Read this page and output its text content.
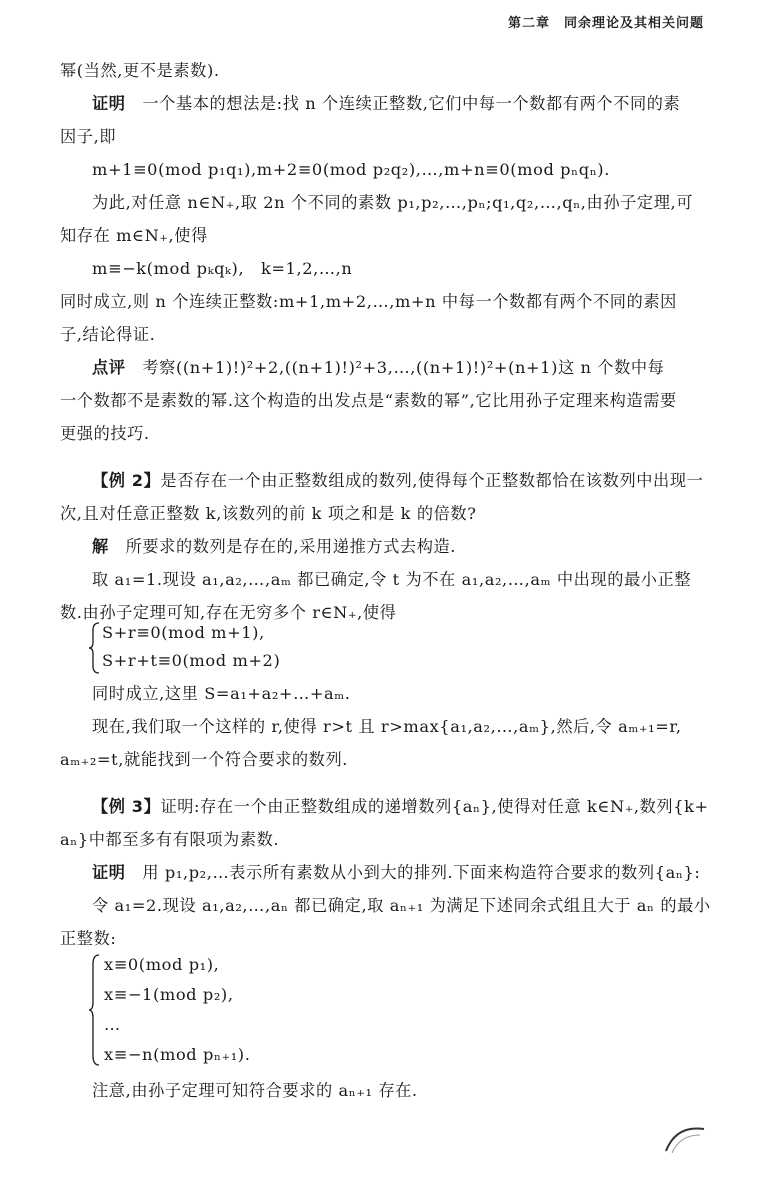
第二章　同余理论及其相关问题
幂(当然,更不是素数).
证明　一个基本的想法是:找 n 个连续正整数,它们中每一个数都有两个不同的素
因子,即
m+1≡0(mod p₁q₁),m+2≡0(mod p₂q₂),…,m+n≡0(mod pₙqₙ).
为此,对任意 n∈N₊,取 2n 个不同的素数 p₁,p₂,…,pₙ;q₁,q₂,…,qₙ,由孙子定理,可
知存在 m∈N₊,使得
m≡−k(mod pₖqₖ),　k=1,2,…,n
同时成立,则 n 个连续正整数:m+1,m+2,…,m+n 中每一个数都有两个不同的素因
子,结论得证.
点评　考察((n+1)!)²+2,((n+1)!)²+3,…,((n+1)!)²+(n+1)这 n 个数中每
一个数都不是素数的幂.这个构造的出发点是“素数的幂”,它比用孙子定理来构造需要
更强的技巧.
【例 2】是否存在一个由正整数组成的数列,使得每个正整数都恰在该数列中出现一
次,且对任意正整数 k,该数列的前 k 项之和是 k 的倍数?
解　所要求的数列是存在的,采用递推方式去构造.
取 a₁=1.现设 a₁,a₂,…,aₘ 都已确定,令 t 为不在 a₁,a₂,…,aₘ 中出现的最小正整
数.由孙子定理可知,存在无穷多个 r∈N₊,使得
S+r≡0(mod m+1),
S+r+t≡0(mod m+2)
同时成立,这里 S=a₁+a₂+…+aₘ.
现在,我们取一个这样的 r,使得 r>t 且 r>max{a₁,a₂,…,aₘ},然后,令 aₘ₊₁=r,
aₘ₊₂=t,就能找到一个符合要求的数列.
【例 3】证明:存在一个由正整数组成的递增数列{aₙ},使得对任意 k∈N₊,数列{k+
aₙ}中都至多有有限项为素数.
证明　用 p₁,p₂,…表示所有素数从小到大的排列.下面来构造符合要求的数列{aₙ}:
令 a₁=2.现设 a₁,a₂,…,aₙ 都已确定,取 aₙ₊₁ 为满足下述同余式组且大于 aₙ 的最小
正整数:
x≡0(mod p₁),
x≡−1(mod p₂),
…
x≡−n(mod pₙ₊₁).
注意,由孙子定理可知符合要求的 aₙ₊₁ 存在.
